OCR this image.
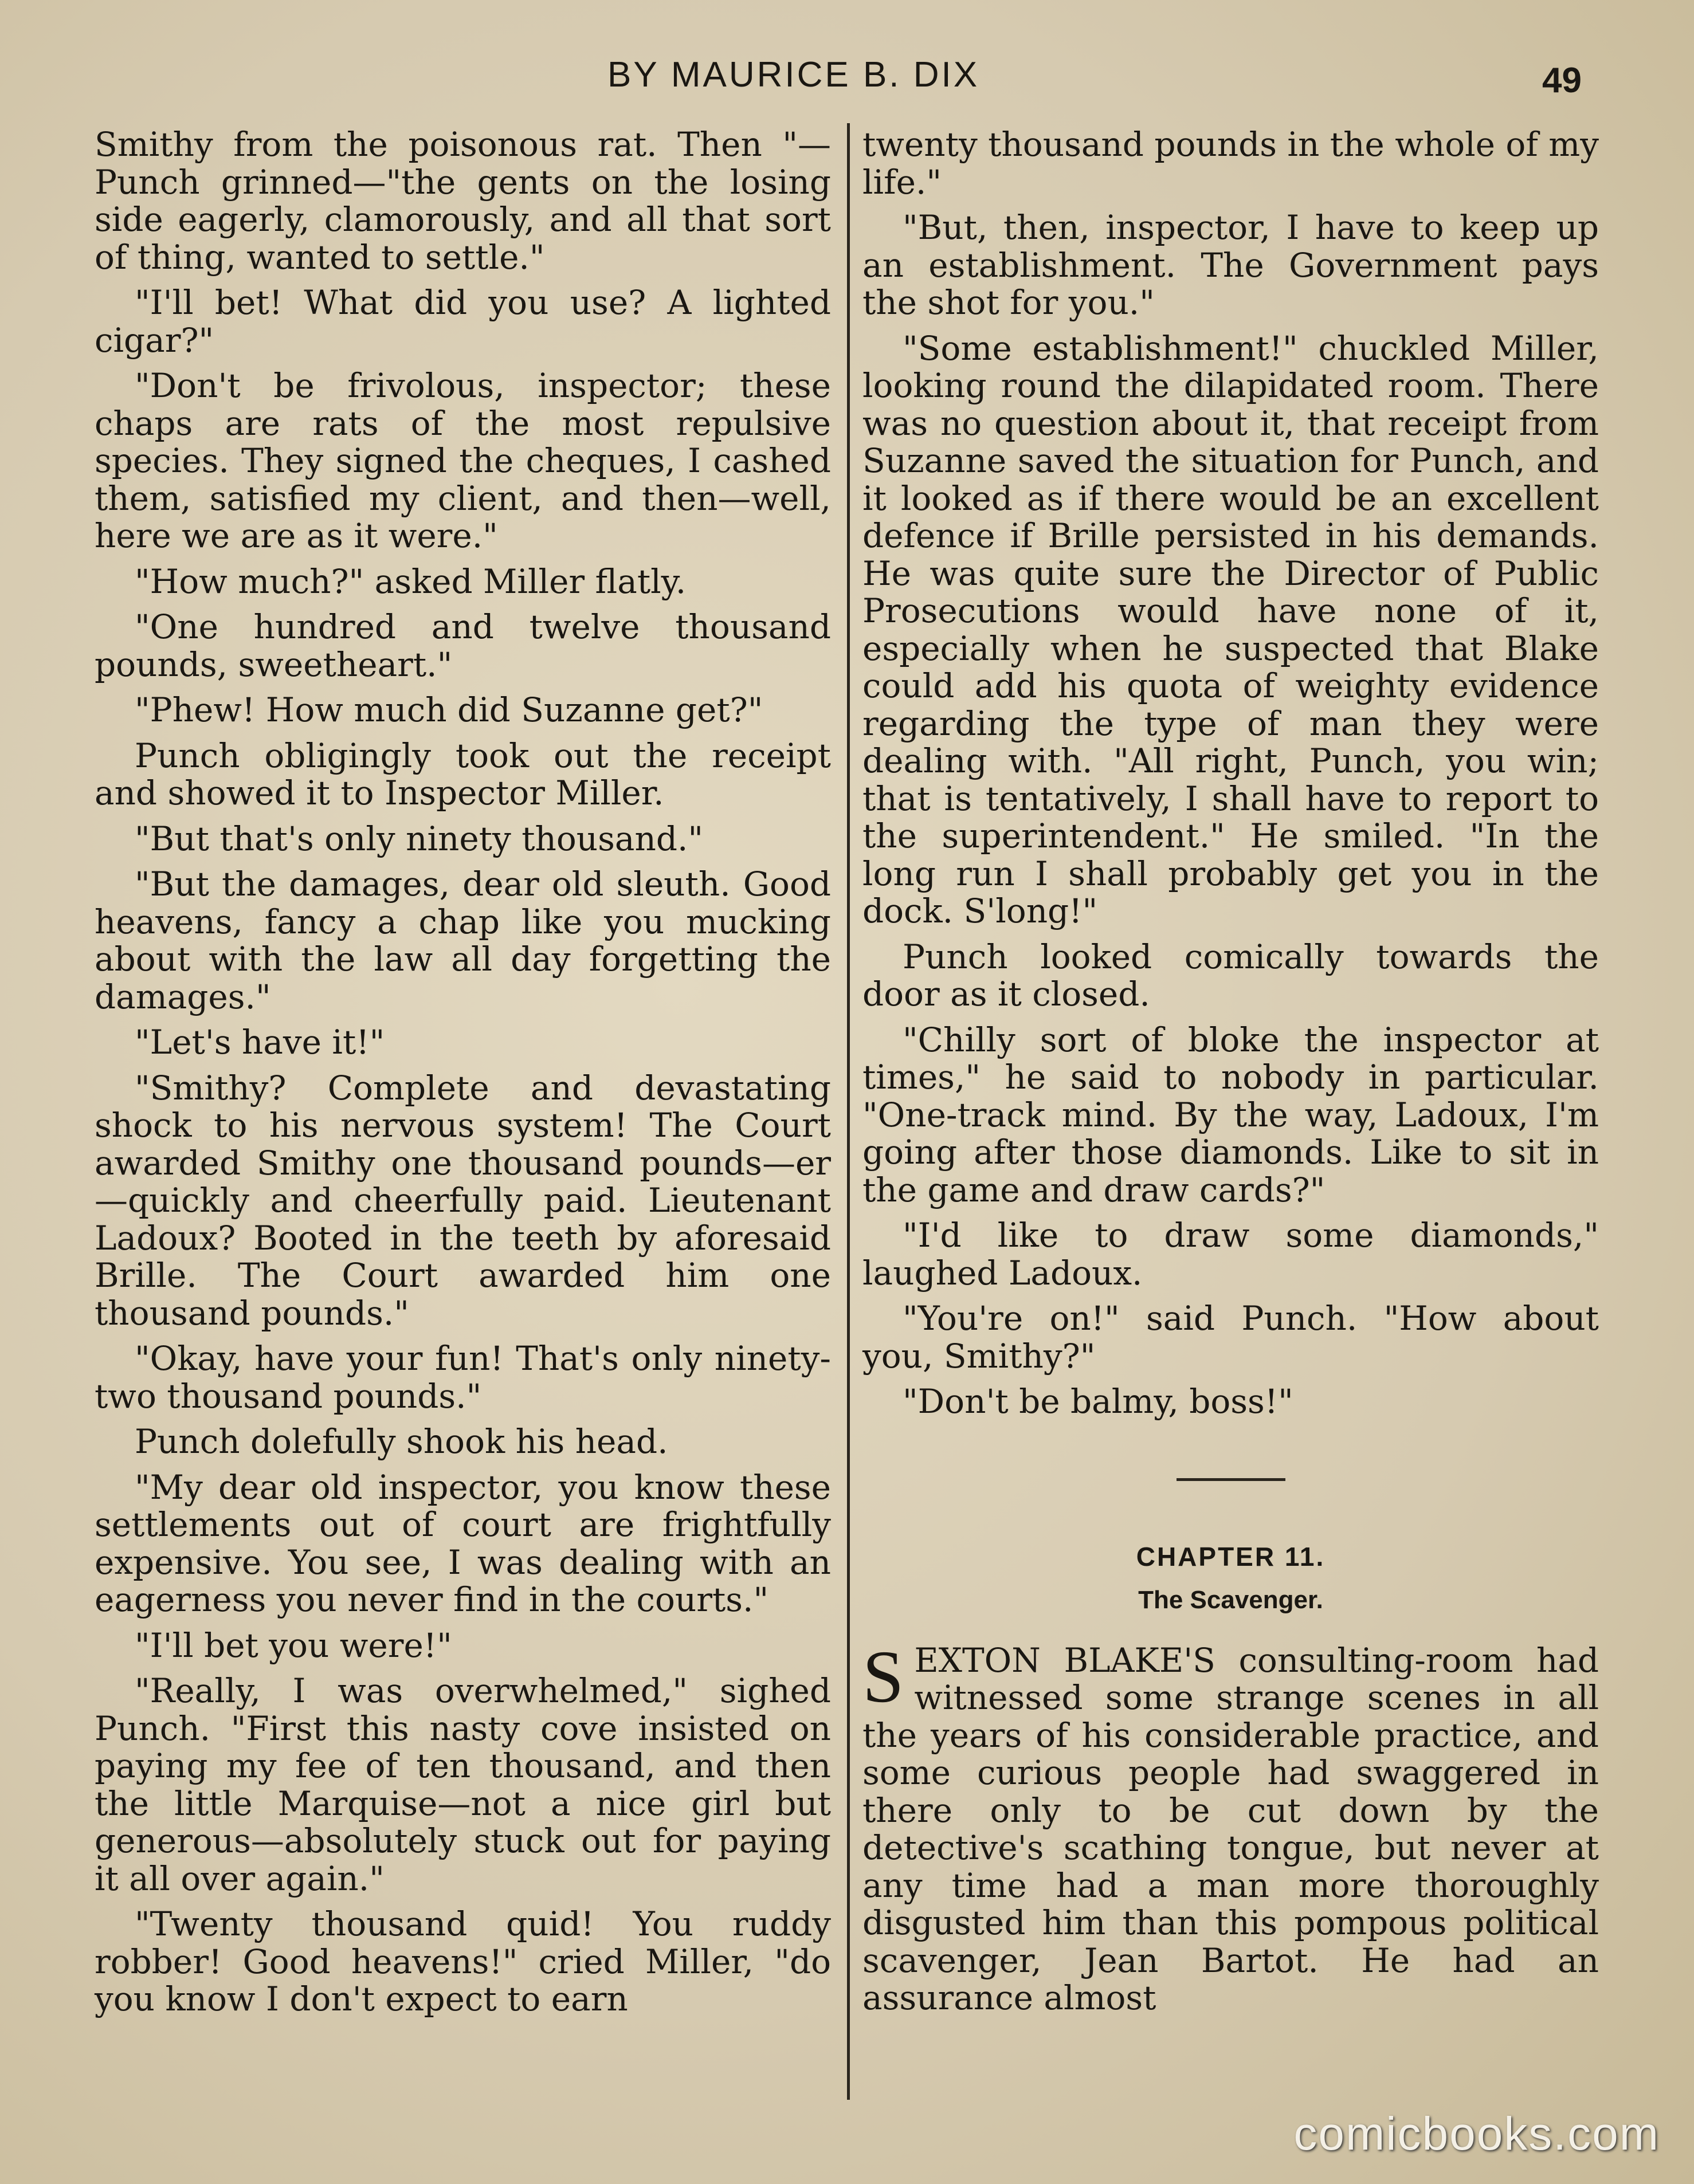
BY MAURICE B. DIX	49

Smithy from the poisonous rat. Then "—Punch grinned—"the gents on the losing side eagerly, clamorously, and all that sort of thing, wanted to settle."

"I'll bet! What did you use? A lighted cigar?"

"Don't be frivolous, inspector; these chaps are rats of the most repulsive species. They signed the cheques, I cashed them, satisfied my client, and then—well, here we are as it were."

"How much?" asked Miller flatly.

"One hundred and twelve thousand pounds, sweetheart."

"Phew! How much did Suzanne get?"

Punch obligingly took out the receipt and showed it to Inspector Miller.

"But that's only ninety thousand."

"But the damages, dear old sleuth. Good heavens, fancy a chap like you mucking about with the law all day forgetting the damages."

"Let's have it!"

"Smithy? Complete and devastating shock to his nervous system! The Court awarded Smithy one thousand pounds—er—quickly and cheerfully paid. Lieutenant Ladoux? Booted in the teeth by aforesaid Brille. The Court awarded him one thousand pounds."

"Okay, have your fun! That's only ninety-two thousand pounds."

Punch dolefully shook his head.

"My dear old inspector, you know these settlements out of court are frightfully expensive. You see, I was dealing with an eagerness you never find in the courts."

"I'll bet you were!"

"Really, I was overwhelmed," sighed Punch. "First this nasty cove insisted on paying my fee of ten thousand, and then the little Marquise—not a nice girl but generous—absolutely stuck out for paying it all over again."

"Twenty thousand quid! You ruddy robber! Good heavens!" cried Miller, "do you know I don't expect to earn

twenty thousand pounds in the whole of my life."

"But, then, inspector, I have to keep up an establishment. The Government pays the shot for you."

"Some establishment!" chuckled Miller, looking round the dilapidated room. There was no question about it, that receipt from Suzanne saved the situation for Punch, and it looked as if there would be an excellent defence if Brille persisted in his demands. He was quite sure the Director of Public Prosecutions would have none of it, especially when he suspected that Blake could add his quota of weighty evidence regarding the type of man they were dealing with. "All right, Punch, you win; that is tentatively, I shall have to report to the superintendent." He smiled. "In the long run I shall probably get you in the dock. S'long!"

Punch looked comically towards the door as it closed.

"Chilly sort of bloke the inspector at times," he said to nobody in particular. "One-track mind. By the way, Ladoux, I'm going after those diamonds. Like to sit in the game and draw cards?"

"I'd like to draw some diamonds," laughed Ladoux.

"You're on!" said Punch. "How about you, Smithy?"

"Don't be balmy, boss!"

CHAPTER 11.
The Scavenger.

SEXTON BLAKE'S consulting-room had witnessed some strange scenes in all the years of his considerable practice, and some curious people had swaggered in there only to be cut down by the detective's scathing tongue, but never at any time had a man more thoroughly disgusted him than this pompous political scavenger, Jean Bartot. He had an assurance almost

comicbooks.com
